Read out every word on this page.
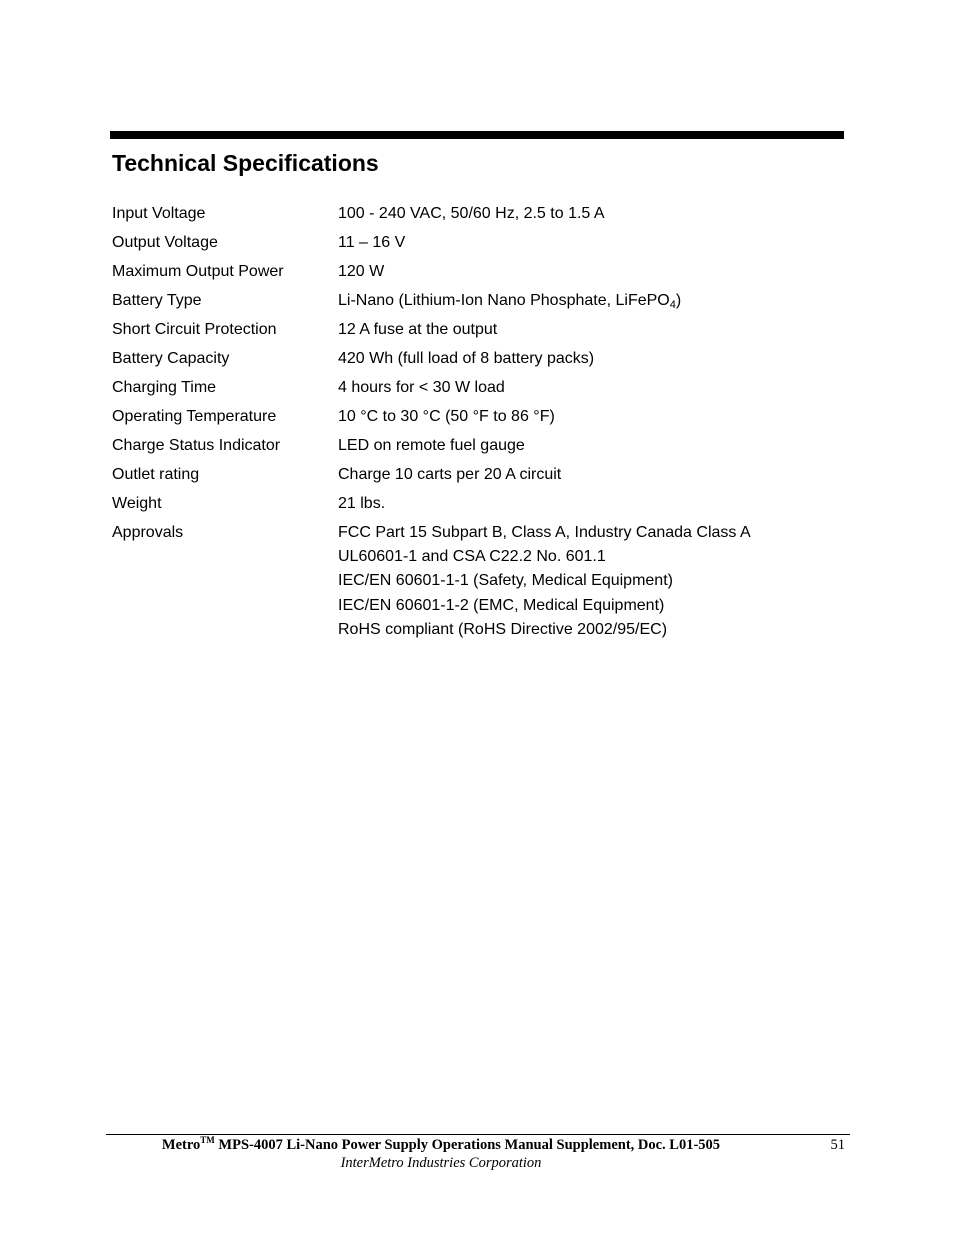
Technical Specifications
Input Voltage	100 - 240 VAC, 50/60 Hz, 2.5 to 1.5 A
Output Voltage	11 – 16 V
Maximum Output Power	120 W
Battery Type	Li-Nano (Lithium-Ion Nano Phosphate, LiFePO$_4$)
Short Circuit Protection	12 A fuse at the output
Battery Capacity	420 Wh (full load of 8 battery packs)
Charging Time	4 hours for < 30 W load
Operating Temperature	10 °C to 30 °C (50 °F to 86 °F)
Charge Status Indicator	LED on remote fuel gauge
Outlet rating	Charge 10 carts per 20 A circuit
Weight	21 lbs.
Approvals	FCC Part 15 Subpart B, Class A, Industry Canada Class A
UL60601-1 and CSA C22.2 No. 601.1
IEC/EN 60601-1-1 (Safety, Medical Equipment)
IEC/EN 60601-1-2 (EMC, Medical Equipment)
RoHS compliant (RoHS Directive 2002/95/EC)
Metro™ MPS-4007 Li-Nano Power Supply Operations Manual Supplement, Doc. L01-505	51
InterMetro Industries Corporation
